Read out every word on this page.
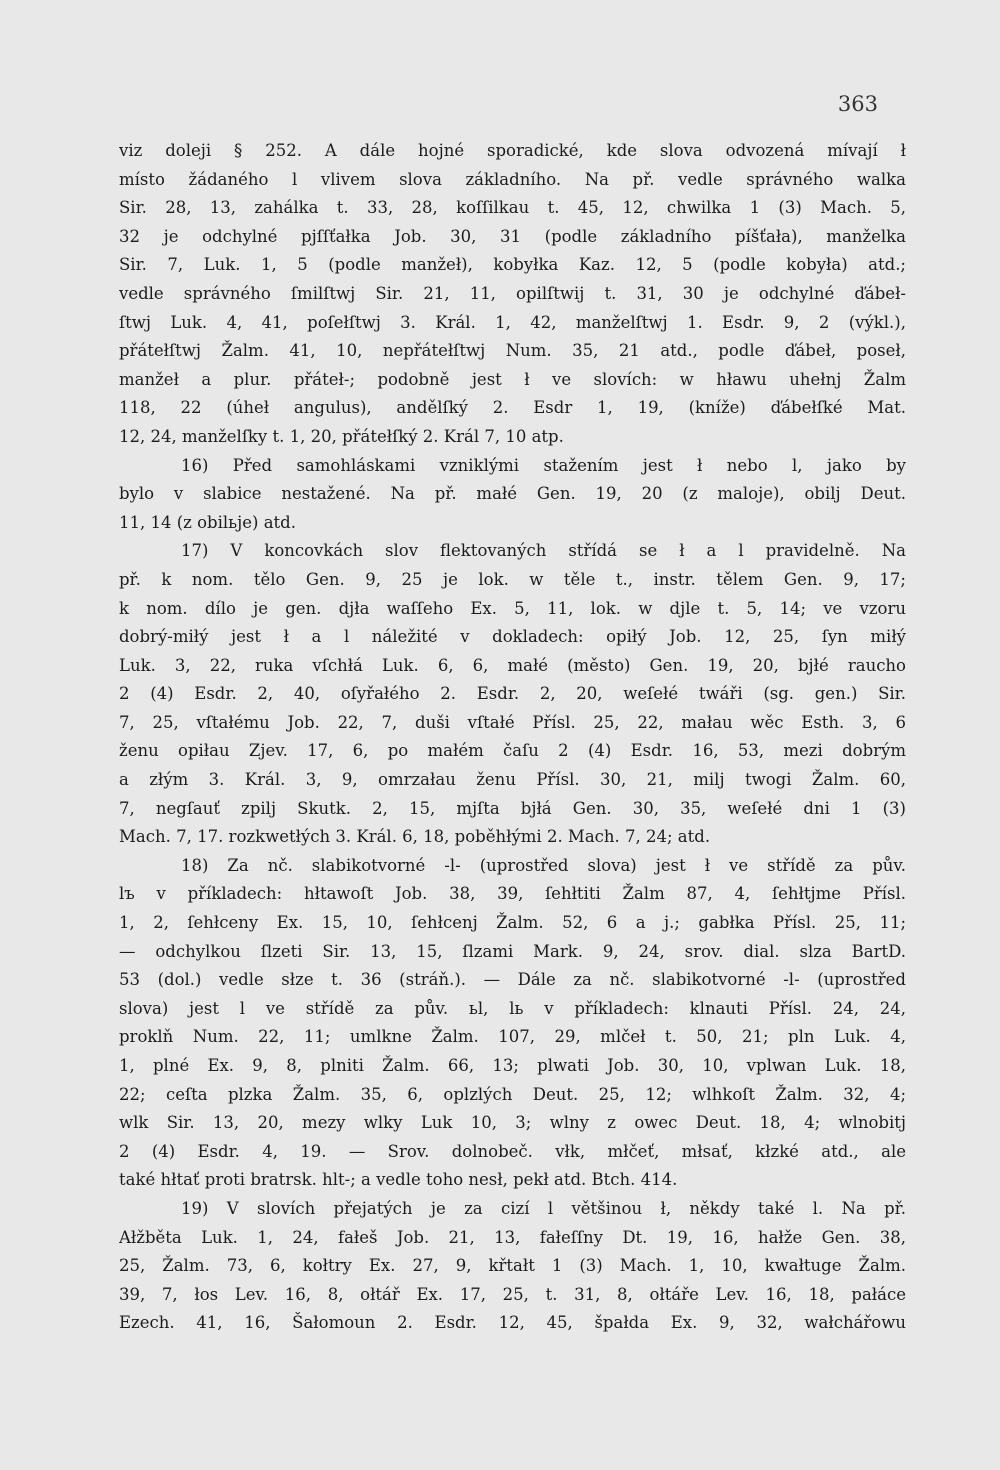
363

viz doleji § 252. A dále hojné sporadické, kde slova odvozená mívají ł

místo žádaného l vlivem slova základního. Na př. vedle správného walka

Sir. 28, 13, zahálka t. 33, 28, koſſilkau t. 45, 12, chwilka 1 (3) Mach. 5,

32 je odchylné pjſſťałka Job. 30, 31 (podle základního píšťała), manželka

Sir. 7, Luk. 1, 5 (podle manžeł), kobyłka Kaz. 12, 5 (podle kobyła) atd.;

vedle správného ſmilſtwj Sir. 21, 11, opilſtwij t. 31, 30 je odchylné ďábeł-

ſtwj Luk. 4, 41, poſełſtwj 3. Král. 1, 42, manželſtwj 1. Esdr. 9, 2 (výkl.),

přátełſtwj Žalm. 41, 10, nepřátełſtwj Num. 35, 21 atd., podle ďábeł, poseł,

manžeł a plur. přáteł-; podobně jest ł ve slovích: w hławu uhełnj Žalm

118, 22 (úheł angulus), andělſký 2. Esdr 1, 19, (kníže) ďábełſké Mat.

12, 24, manželſky t. 1, 20, přátełſký 2. Král 7, 10 atp.

16) Před samohláskami vzniklými stažením jest ł nebo l, jako by

bylo v slabice nestažené. Na př. małé Gen. 19, 20 (z maloje), obilj Deut.

11, 14 (z obilьje) atd.

17) V koncovkách slov flektovaných střídá se ł a l pravidelně. Na

př. k nom. tělo Gen. 9, 25 je lok. w těle t., instr. tělem Gen. 9, 17;

k nom. dílo je gen. djła waſſeho Ex. 5, 11, lok. w djle t. 5, 14; ve vzoru

dobrý-miłý jest ł a l náležité v dokladech: opiłý Job. 12, 25, ſyn miłý

Luk. 3, 22, ruka vſchłá Luk. 6, 6, małé (město) Gen. 19, 20, bjłé raucho

2 (4) Esdr. 2, 40, oſyřałého 2. Esdr. 2, 20, weſełé twáři (sg. gen.) Sir.

7, 25, vſtałému Job. 22, 7, duši vſtałé Přísl. 25, 22, małau wěc Esth. 3, 6

ženu opiłau Zjev. 17, 6, po małém čaſu 2 (4) Esdr. 16, 53, mezi dobrým

a złým 3. Král. 3, 9, omrzałau ženu Přísl. 30, 21, milj twogi Žalm. 60,

7, negſauť zpilj Skutk. 2, 15, mjſta bjłá Gen. 30, 35, weſełé dni 1 (3)

Mach. 7, 17. rozkwetłých 3. Král. 6, 18, poběhłými 2. Mach. 7, 24; atd.

18) Za nč. slabikotvorné -l- (uprostřed slova) jest ł ve střídě za pův.

lъ v příkladech: hłtawoſt Job. 38, 39, ſehłtiti Žalm 87, 4, ſehłtjme Přísl.

1, 2, ſehłceny Ex. 15, 10, ſehłcenj Žalm. 52, 6 a j.; gabłka Přísl. 25, 11;

— odchylkou ſlzeti Sir. 13, 15, ſlzami Mark. 9, 24, srov. dial. slza BartD.

53 (dol.) vedle słze t. 36 (stráň.). — Dále za nč. slabikotvorné -l- (uprostřed

slova) jest l ve střídě za pův. ьl, lь v příkladech: klnauti Přísl. 24, 24,

proklň Num. 22, 11; umlkne Žalm. 107, 29, mlčeł t. 50, 21; pln Luk. 4,

1, plné Ex. 9, 8, plniti Žalm. 66, 13; plwati Job. 30, 10, vplwan Luk. 18,

22; ceſta plzka Žalm. 35, 6, oplzlých Deut. 25, 12; wlhkoſt Žalm. 32, 4;

wlk Sir. 13, 20, mezy wlky Luk 10, 3; wlny z owec Deut. 18, 4; wlnobitj

2 (4) Esdr. 4, 19. — Srov. dolnobeč. vłk, młčeť, młsať, kłzké atd., ale

také hłtať proti bratrsk. hlt-; a vedle toho nesł, pekł atd. Btch. 414.

19) V slovích přejatých je za cizí l většinou ł, někdy také l. Na př.

Ałžběta Luk. 1, 24, fałeš Job. 21, 13, fałeſſny Dt. 19, 16, hałže Gen. 38,

25, Žalm. 73, 6, kołtry Ex. 27, 9, křtałt 1 (3) Mach. 1, 10, kwałtuge Žalm.

39, 7, łos Lev. 16, 8, ołtář Ex. 17, 25, t. 31, 8, ołtáře Lev. 16, 18, pałáce

Ezech. 41, 16, Šałomoun 2. Esdr. 12, 45, špałda Ex. 9, 32, wałchářowu
